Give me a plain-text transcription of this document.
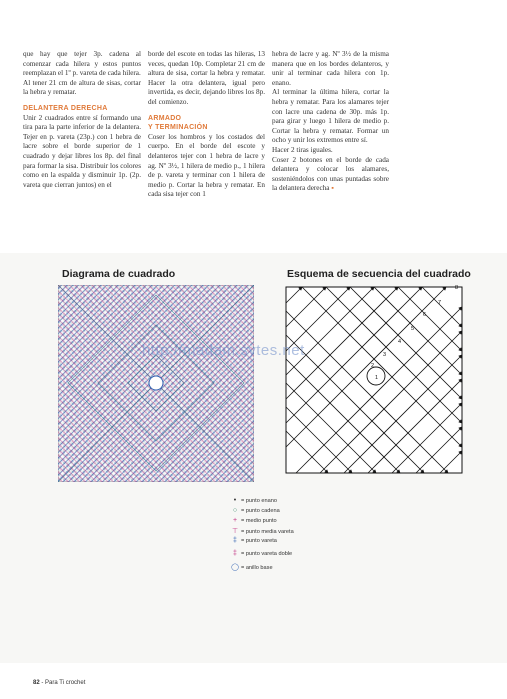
que hay que tejer 3p. cadena al comenzar cada hilera y estos puntos reemplazan el 1º p. vareta de cada hilera.

Al tener 21 cm de altura de sisas, cortar la hebra y rematar.

DELANTERA DERECHA

Unir 2 cuadrados entre sí formando una tira para la parte inferior de la delantera. Tejer en p. vareta (23p.) con 1 hebra de lacre sobre el borde superior de 1 cuadrado y dejar libres los 8p. del final para formar la sisa. Distribuir los colores como en la espalda y disminuir 1p. (2p. vareta que cierran juntos) en el

borde del escote en todas las hileras, 13 veces, quedan 10p. Completar 21 cm de altura de sisa, cortar la hebra y rematar. Hacer la otra delantera, igual pero invertida, es decir, dejando libres los 8p. del comienzo.

ARMADO

Y TERMINACIÓN

Coser los hombros y los costados del cuerpo. En el borde del escote y delanteros tejer con 1 hebra de lacre y ag. Nº 3½, 1 hilera de medio p., 1 hilera de p. vareta y terminar con 1 hilera de medio p. Cortar la hebra y rematar. En cada sisa tejer con 1

hebra de lacre y ag. Nº 3½ de la misma manera que en los bordes delanteros, y unir al terminar cada hilera con 1p. enano.

Al terminar la última hilera, cortar la hebra y rematar. Para los alamares tejer con lacre una cadena de 30p. más 1p. para girar y luego 1 hilera de medio p. Cortar la hebra y rematar. Formar un ocho y unir los extremos entre sí.

Hacer 2 tiras iguales.

Coser 2 botones en el borde de cada delantera y colocar los alamares, sosteniéndolos con unas puntadas sobre la delantera derecha ▪

Diagrama de cuadrado	Esquema de secuencia del cuadrado
1
2
3
4
5
6
7
8
http://madam.sytes.net
• = punto enano
○ = punto cadena
+ = medio punto
⊤ = punto media vareta
‡ = punto vareta
‡ = punto vareta doble
◯ = anillo base
82 - Para Ti crochet
